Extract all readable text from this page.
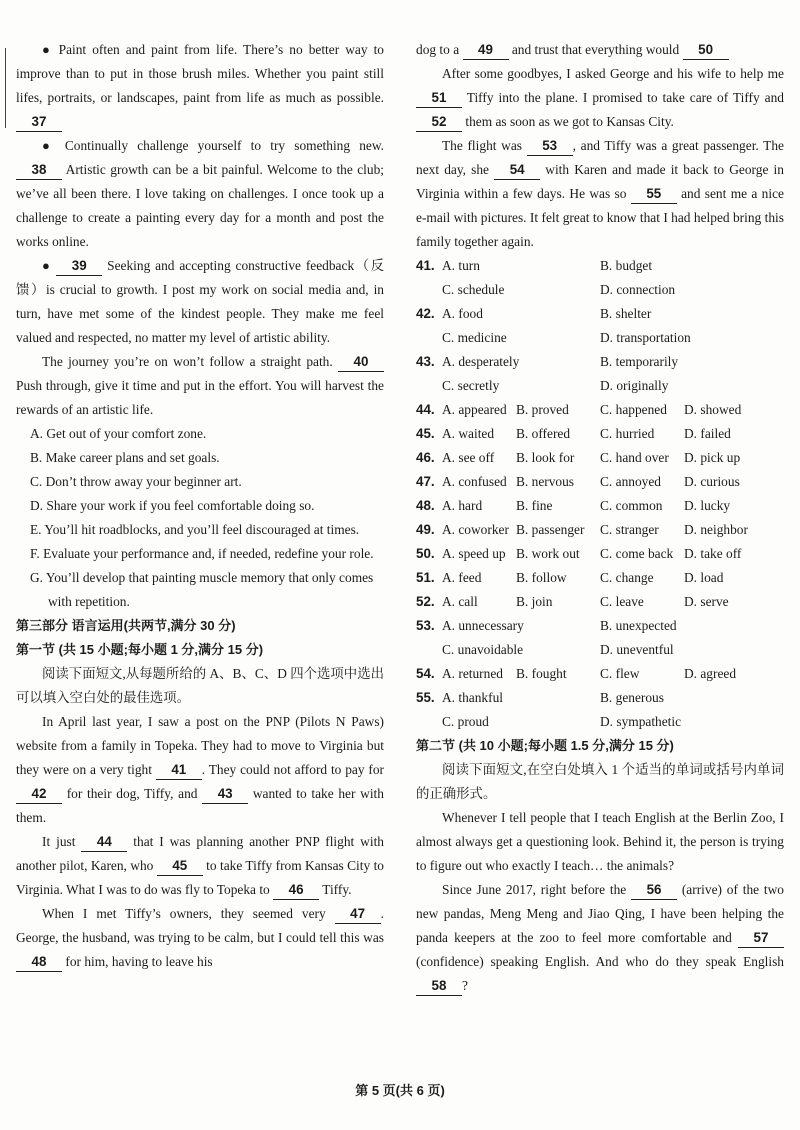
● Paint often and paint from life. There’s no better way to improve than to put in those brush miles. Whether you paint still lifes, portraits, or landscapes, paint from life as much as possible. 37

● Continually challenge yourself to try something new. 38 Artistic growth can be a bit painful. Welcome to the club; we’ve all been there. I love taking on challenges. I once took up a challenge to create a painting every day for a month and post the works online.

● 39 Seeking and accepting constructive feedback（反馈）is crucial to growth. I post my work on social media and, in turn, have met some of the kindest people. They make me feel valued and respected, no matter my level of artistic ability.

The journey you’re on won’t follow a straight path. 40 Push through, give it time and put in the effort. You will harvest the rewards of an artistic life.

A. Get out of your comfort zone.

B. Make career plans and set goals.

C. Don’t throw away your beginner art.

D. Share your work if you feel comfortable doing so.

E. You’ll hit roadblocks, and you’ll feel discouraged at times.

F. Evaluate your performance and, if needed, redefine your role.

G. You’ll develop that painting muscle memory that only comes with repetition.

第三部分 语言运用(共两节,满分 30 分)

第一节 (共 15 小题;每小题 1 分,满分 15 分)

阅读下面短文,从每题所给的 A、B、C、D 四个选项中选出可以填入空白处的最佳选项。

In April last year, I saw a post on the PNP (Pilots N Paws) website from a family in Topeka. They had to move to Virginia but they were on a very tight 41 . They could not afford to pay for 42 for their dog, Tiffy, and 43 wanted to take her with them.

It just 44 that I was planning another PNP flight with another pilot, Karen, who 45 to take Tiffy from Kansas City to Virginia. What I was to do was fly to Topeka to 46 Tiffy.

When I met Tiffy’s owners, they seemed very 47 . George, the husband, was trying to be calm, but I could tell this was 48 for him, having to leave his

dog to a 49 and trust that everything would 50

After some goodbyes, I asked George and his wife to help me 51 Tiffy into the plane. I promised to take care of Tiffy and 52 them as soon as we got to Kansas City.

The flight was 53 , and Tiffy was a great passenger. The next day, she 54 with Karen and made it back to George in Virginia within a few days. He was so 55 and sent me a nice e-mail with pictures. It felt great to know that I had helped bring this family together again.

41. A. turn	B. budget
C. schedule	D. connection
42. A. food	B. shelter
C. medicine	D. transportation
43. A. desperately	B. temporarily
C. secretly	D. originally
44. A. appeared B. proved	C. happened	D. showed
45. A. waited	B. offered	C. hurried	D. failed
46. A. see off	B. look for	C. hand over	D. pick up
47. A. confused B. nervous	C. annoyed	D. curious
48. A. hard	B. fine	C. common	D. lucky
49. A. coworker B. passenger	C. stranger	D. neighbor
50. A. speed up B. work out	C. come back D. take off
51. A. feed	B. follow	C. change	D. load
52. A. call	B. join	C. leave	D. serve
53. A. unnecessary	B. unexpected
C. unavoidable	D. uneventful
54. A. returned B. fought	C. flew	D. agreed
55. A. thankful	B. generous
C. proud	D. sympathetic

第二节 (共 10 小题;每小题 1.5 分,满分 15 分)

阅读下面短文,在空白处填入 1 个适当的单词或括号内单词的正确形式。

Whenever I tell people that I teach English at the Berlin Zoo, I almost always get a questioning look. Behind it, the person is trying to figure out who exactly I teach… the animals?

Since June 2017, right before the 56 (arrive) of the two new pandas, Meng Meng and Jiao Qing, I have been helping the panda keepers at the zoo to feel more comfortable and 57 (confidence) speaking English. And who do they speak English 58 ?

第 5 页(共 6 页)
